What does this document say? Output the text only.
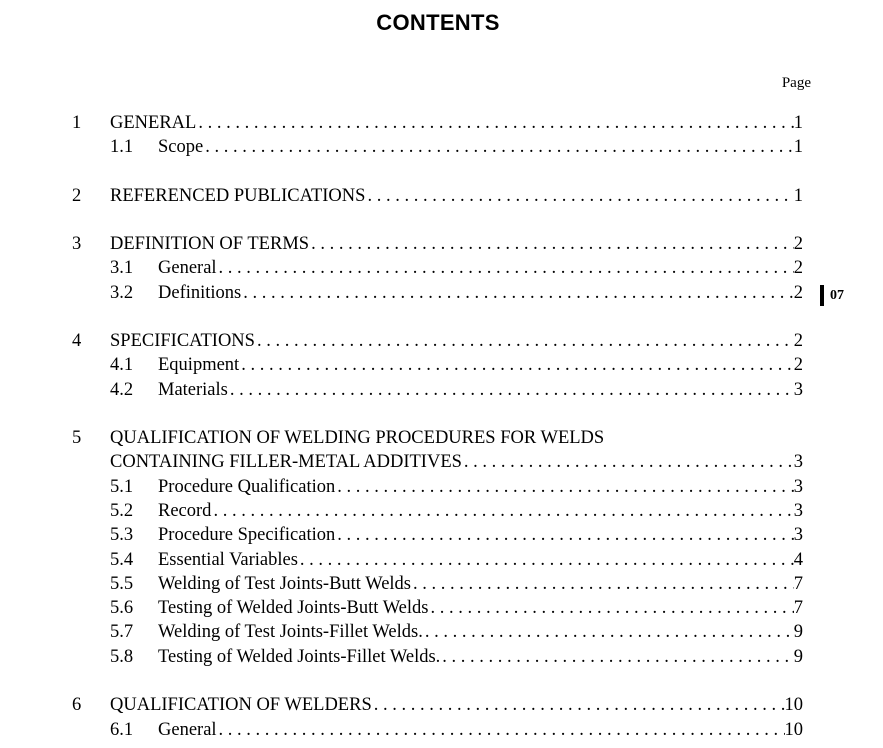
CONTENTS
Page
1 GENERAL . . .	1
1.1 Scope . . .	1
2 REFERENCED PUBLICATIONS . . .	1
3 DEFINITION OF TERMS . . .	2
3.1 General . . .	2
3.2 Definitions . . .	2
4 SPECIFICATIONS . . .	2
4.1 Equipment . . .	2
4.2 Materials . . .	3
5 QUALIFICATION OF WELDING PROCEDURES FOR WELDS
CONTAINING FILLER-METAL ADDITIVES . . .	3
5.1 Procedure Qualification . . .	3
5.2 Record . . .	3
5.3 Procedure Specification . . .	3
5.4 Essential Variables . . .	4
5.5 Welding of Test Joints-Butt Welds . . .	7
5.6 Testing of Welded Joints-Butt Welds . . .	7
5.7 Welding of Test Joints-Fillet Welds. . . .	9
5.8 Testing of Welded Joints-Fillet Welds. . . .	9
6 QUALIFICATION OF WELDERS . . .	10
6.1 General . . .	10
07
